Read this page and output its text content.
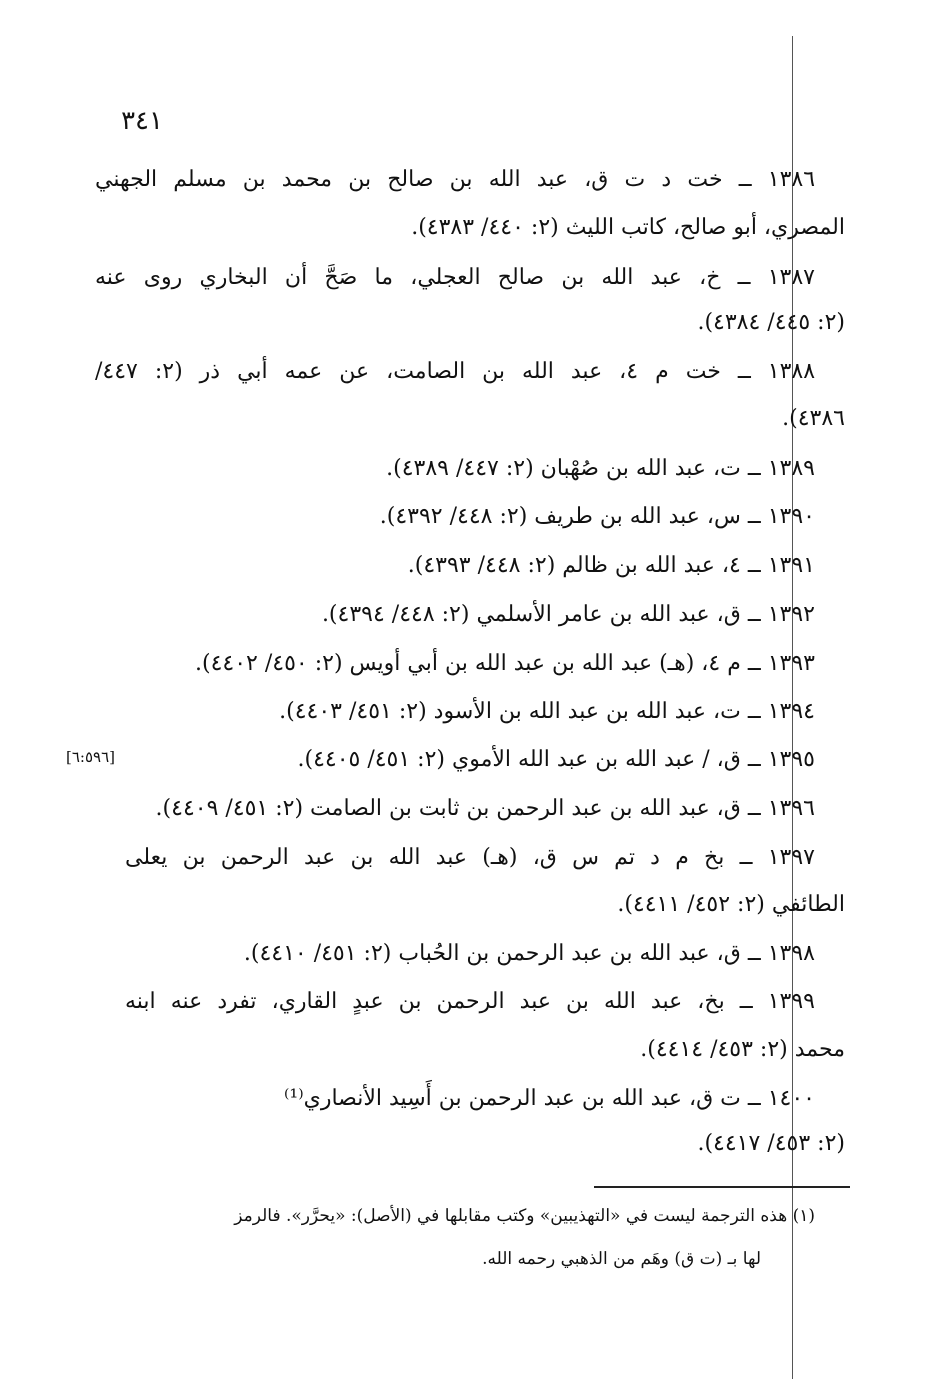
٣٤١
١٣٨٦ ــ خت د ت ق، عبد الله بن صالح بن محمد بن مسلم الجهني
المصري، أبو صالح، كاتب الليث (٢: ٤٤٠/ ٤٣٨٣).
١٣٨٧ ــ خ، عبد الله بن صالح العجلي، ما صَحَّ أن البخاري روى عنه
(٢: ٤٤٥/ ٤٣٨٤).
١٣٨٨ ــ خت م ٤، عبد الله بن الصامت، عن عمه أبي ذر (٢: ٤٤٧/
٤٣٨٦).
١٣٨٩ ــ ت، عبد الله بن صُهْبان (٢: ٤٤٧/ ٤٣٨٩).
١٣٩٠ ــ س، عبد الله بن طريف (٢: ٤٤٨/ ٤٣٩٢).
١٣٩١ ــ ٤، عبد الله بن ظالم (٢: ٤٤٨/ ٤٣٩٣).
١٣٩٢ ــ ق، عبد الله بن عامر الأسلمي (٢: ٤٤٨/ ٤٣٩٤).
١٣٩٣ ــ م ٤، (هـ) عبد الله بن عبد الله بن أبي أويس (٢: ٤٥٠/ ٤٤٠٢).
١٣٩٤ ــ ت، عبد الله بن عبد الله بن الأسود (٢: ٤٥١/ ٤٤٠٣).
١٣٩٥ ــ ق، / عبد الله بن عبد الله الأموي (٢: ٤٥١/ ٤٤٠٥).
[٦:٥٩٦]
١٣٩٦ ــ ق، عبد الله بن عبد الرحمن بن ثابت بن الصامت (٢: ٤٥١/ ٤٤٠٩).
١٣٩٧ ــ بخ م د تم س ق، (هـ) عبد الله بن عبد الرحمن بن يعلى
الطائفي (٢: ٤٥٢/ ٤٤١١).
١٣٩٨ ــ ق، عبد الله بن عبد الرحمن بن الحُباب (٢: ٤٥١/ ٤٤١٠).
١٣٩٩ ــ بخ، عبد الله بن عبد الرحمن بن عبدٍ القاري، تفرد عنه ابنه
محمد (٢: ٤٥٣/ ٤٤١٤).
١٤٠٠ ــ ت ق، عبد الله بن عبد الرحمن بن أَسِيد الأنصاري⁽¹⁾
(٢: ٤٥٣/ ٤٤١٧).
(١) هذه الترجمة ليست في «التهذيبين» وكتب مقابلها في (الأصل): «يحرَّر». فالرمز
لها بـ (ت ق) وهَم من الذهبي رحمه الله.
